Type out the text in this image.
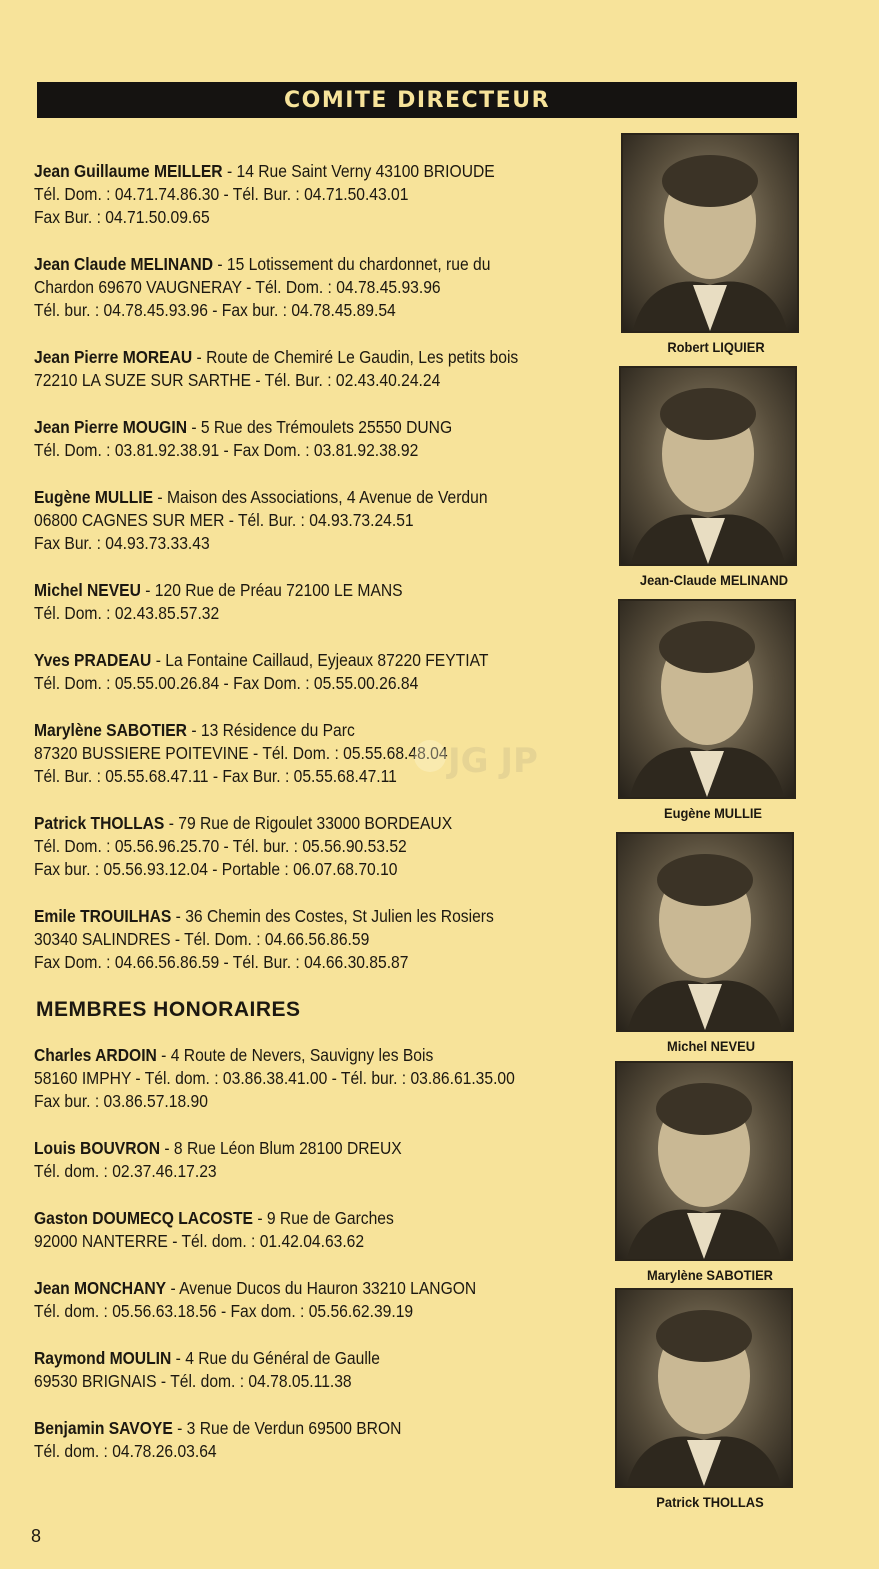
COMITE DIRECTEUR
Jean Guillaume MEILLER - 14 Rue Saint Verny 43100 BRIOUDE
Tél. Dom. : 04.71.74.86.30 - Tél. Bur. : 04.71.50.43.01
Fax Bur. : 04.71.50.09.65
Jean Claude MELINAND - 15 Lotissement du chardonnet, rue du
Chardon 69670 VAUGNERAY - Tél. Dom. : 04.78.45.93.96
Tél. bur. : 04.78.45.93.96 - Fax bur. : 04.78.45.89.54
Jean Pierre MOREAU - Route de Chemiré Le Gaudin, Les petits bois
72210 LA SUZE SUR SARTHE - Tél. Bur. : 02.43.40.24.24
Jean Pierre MOUGIN - 5 Rue des Trémoulets 25550 DUNG
Tél. Dom. : 03.81.92.38.91 - Fax Dom. : 03.81.92.38.92
Eugène MULLIE - Maison des Associations, 4 Avenue de Verdun
06800 CAGNES SUR MER - Tél. Bur. : 04.93.73.24.51
Fax Bur. : 04.93.73.33.43
Michel NEVEU - 120 Rue de Préau 72100 LE MANS
Tél. Dom. : 02.43.85.57.32
Yves PRADEAU - La Fontaine Caillaud, Eyjeaux 87220 FEYTIAT
Tél. Dom. : 05.55.00.26.84 - Fax Dom. : 05.55.00.26.84
Marylène SABOTIER - 13 Résidence du Parc
87320 BUSSIERE POITEVINE - Tél. Dom. : 05.55.68.48.04
Tél. Bur. : 05.55.68.47.11 - Fax Bur. : 05.55.68.47.11
Patrick THOLLAS - 79 Rue de Rigoulet 33000 BORDEAUX
Tél. Dom. : 05.56.96.25.70 - Tél. bur. : 05.56.90.53.52
Fax bur. : 05.56.93.12.04 - Portable : 06.07.68.70.10
Emile TROUILHAS - 36 Chemin des Costes, St Julien les Rosiers
30340 SALINDRES - Tél. Dom. : 04.66.56.86.59
Fax Dom. : 04.66.56.86.59 - Tél. Bur. : 04.66.30.85.87
MEMBRES HONORAIRES
Charles ARDOIN - 4 Route de Nevers, Sauvigny les Bois
58160 IMPHY - Tél. dom. : 03.86.38.41.00 - Tél. bur. : 03.86.61.35.00
Fax bur. : 03.86.57.18.90
Louis BOUVRON - 8 Rue Léon Blum 28100 DREUX
Tél. dom. : 02.37.46.17.23
Gaston DOUMECQ LACOSTE - 9 Rue de Garches
92000 NANTERRE - Tél. dom. : 01.42.04.63.62
Jean MONCHANY - Avenue Ducos du Hauron 33210 LANGON
Tél. dom. : 05.56.63.18.56 - Fax dom. : 05.56.62.39.19
Raymond MOULIN - 4 Rue du Général de Gaulle
69530 BRIGNAIS - Tél. dom. : 04.78.05.11.38
Benjamin SAVOYE - 3 Rue de Verdun 69500 BRON
Tél. dom. : 04.78.26.03.64
Robert LIQUIER
Jean-Claude MELINAND
Eugène MULLIE
Michel NEVEU
Marylène SABOTIER
Patrick THOLLAS
JG JP
8
